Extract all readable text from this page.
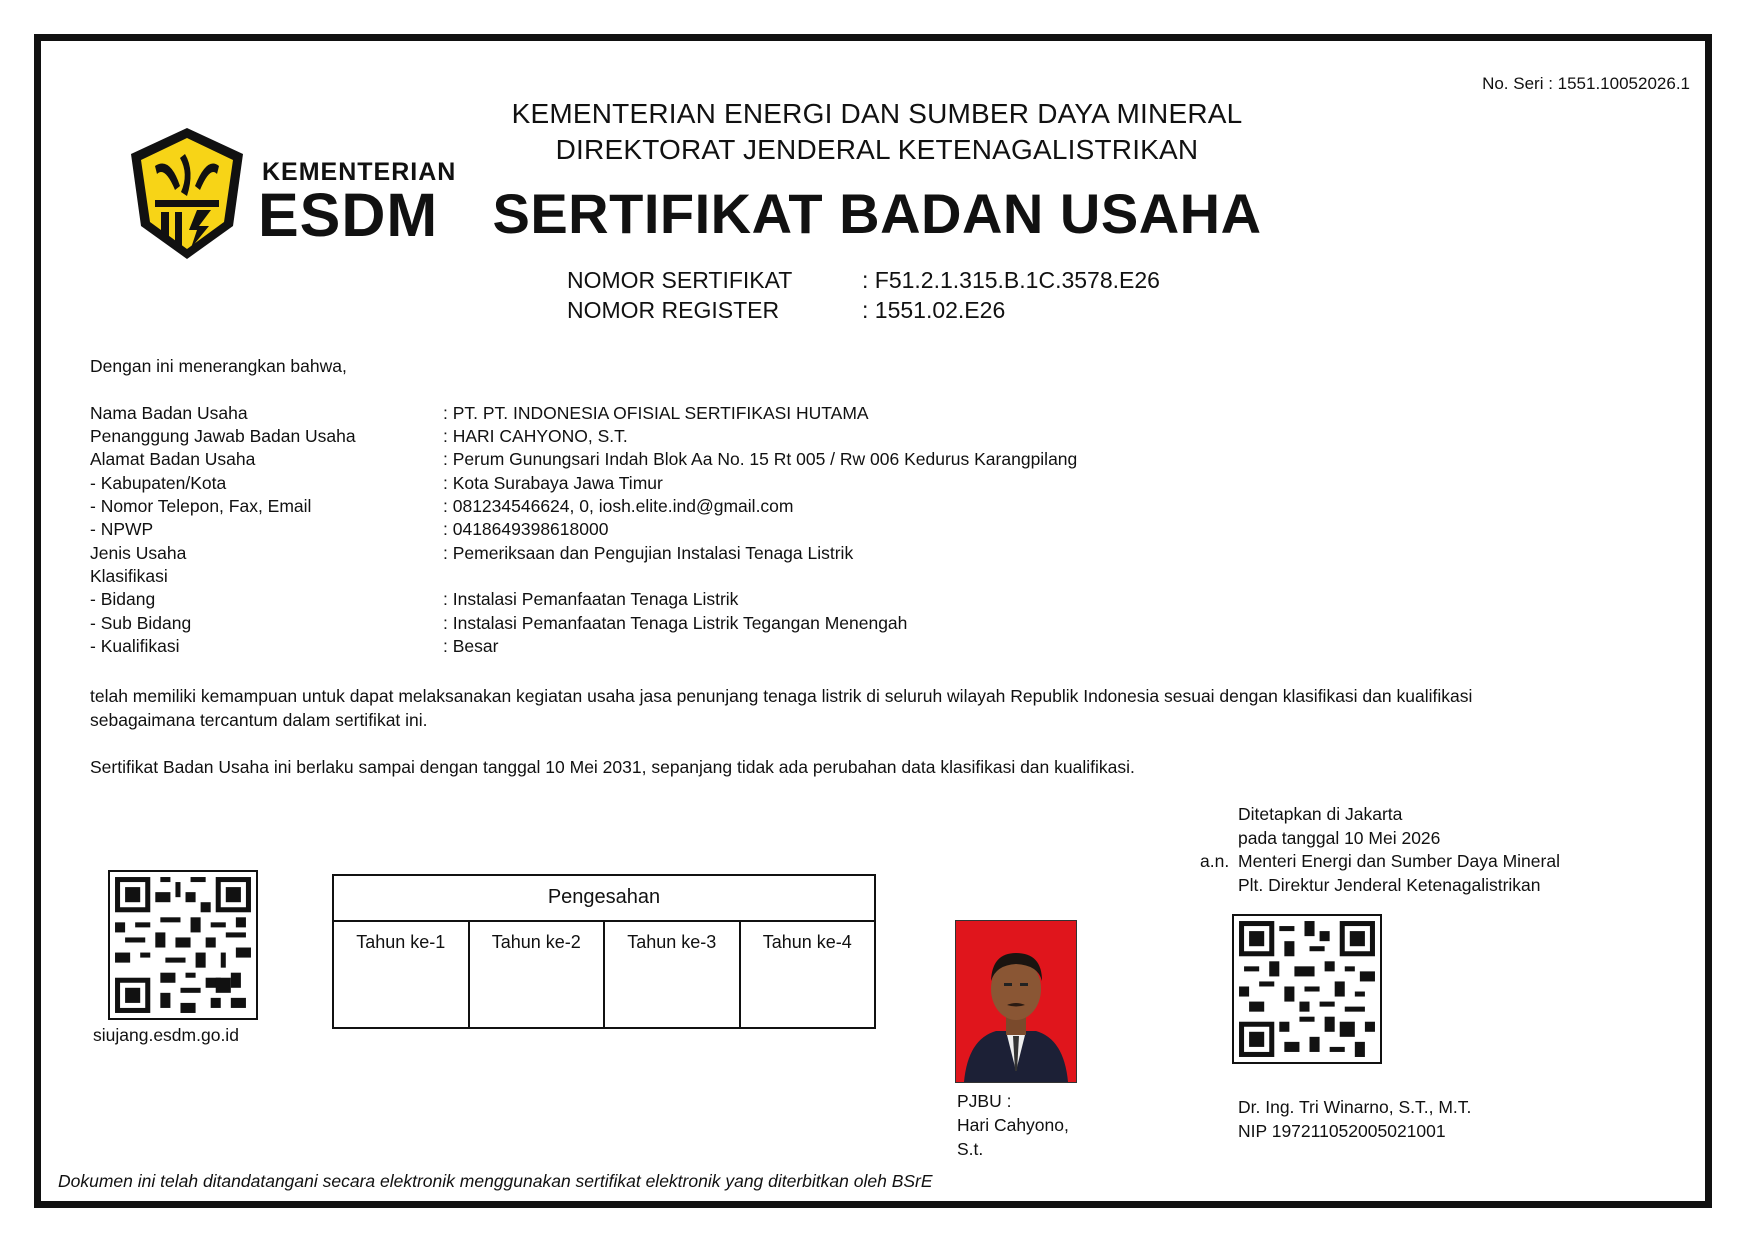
No. Seri : 1551.10052026.1
KEMENTERIAN ENERGI DAN SUMBER DAYA MINERAL
DIREKTORAT JENDERAL KETENAGALISTRIKAN
SERTIFIKAT BADAN USAHA
KEMENTERIAN
ESDM
NOMOR SERTIFIKAT	: F51.2.1.315.B.1C.3578.E26
NOMOR REGISTER	: 1551.02.E26
Dengan ini menerangkan bahwa,
Nama Badan Usaha	: PT. PT. INDONESIA OFISIAL SERTIFIKASI HUTAMA
Penanggung Jawab Badan Usaha	: HARI CAHYONO, S.T.
Alamat Badan Usaha	: Perum Gunungsari Indah Blok Aa No. 15 Rt 005 / Rw 006 Kedurus Karangpilang
- Kabupaten/Kota	: Kota Surabaya Jawa Timur
- Nomor Telepon, Fax, Email	: 081234546624, 0, iosh.elite.ind@gmail.com
- NPWP	: 0418649398618000
Jenis Usaha	: Pemeriksaan dan Pengujian Instalasi Tenaga Listrik
Klasifikasi
- Bidang	: Instalasi Pemanfaatan Tenaga Listrik
- Sub Bidang	: Instalasi Pemanfaatan Tenaga Listrik Tegangan Menengah
- Kualifikasi	: Besar
telah memiliki kemampuan untuk dapat melaksanakan kegiatan usaha jasa penunjang tenaga listrik di seluruh wilayah Republik Indonesia sesuai dengan klasifikasi dan kualifikasi
sebagaimana tercantum dalam sertifikat ini.
Sertifikat Badan Usaha ini berlaku sampai dengan tanggal 10 Mei 2031, sepanjang tidak ada perubahan data klasifikasi dan kualifikasi.
Ditetapkan di Jakarta
pada tanggal 10 Mei 2026
a.n. Menteri Energi dan Sumber Daya Mineral
Plt. Direktur Jenderal Ketenagalistrikan
Dr. Ing. Tri Winarno, S.T., M.T.
NIP 197211052005021001
siujang.esdm.go.id
Pengesahan
Tahun ke-1	Tahun ke-2	Tahun ke-3	Tahun ke-4
PJBU :
Hari Cahyono,
S.t.
Dokumen ini telah ditandatangani secara elektronik menggunakan sertifikat elektronik yang diterbitkan oleh BSrE
